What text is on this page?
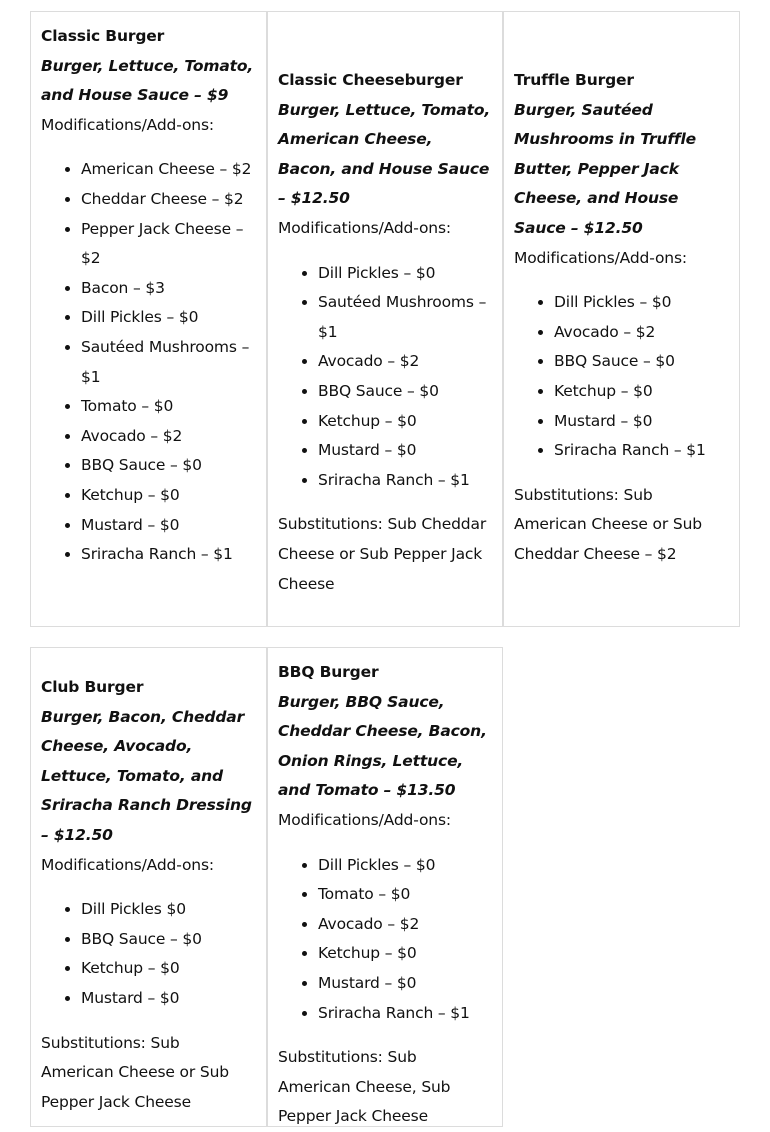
Classic Burger

Burger, Lettuce, Tomato, and House Sauce – $9

Modifications/Add-ons:

• American Cheese – $2
• Cheddar Cheese – $2
• Pepper Jack Cheese – $2
• Bacon – $3
• Dill Pickles – $0
• Sautéed Mushrooms – $1
• Tomato – $0
• Avocado – $2
• BBQ Sauce – $0
• Ketchup – $0
• Mustard – $0
• Sriracha Ranch – $1

Classic Cheeseburger

Burger, Lettuce, Tomato, American Cheese, Bacon, and House Sauce – $12.50

Modifications/Add-ons:

• Dill Pickles – $0
• Sautéed Mushrooms – $1
• Avocado – $2
• BBQ Sauce – $0
• Ketchup – $0
• Mustard – $0
• Sriracha Ranch – $1

Substitutions: Sub Cheddar Cheese or Sub Pepper Jack Cheese

Truffle Burger

Burger, Sautéed Mushrooms in Truffle Butter, Pepper Jack Cheese, and House Sauce – $12.50

Modifications/Add-ons:

• Dill Pickles – $0
• Avocado – $2
• BBQ Sauce – $0
• Ketchup – $0
• Mustard – $0
• Sriracha Ranch – $1

Substitutions: Sub American Cheese or Sub Cheddar Cheese – $2

Club Burger

Burger, Bacon, Cheddar Cheese, Avocado, Lettuce, Tomato, and Sriracha Ranch Dressing – $12.50

Modifications/Add-ons:

• Dill Pickles $0
• BBQ Sauce – $0
• Ketchup – $0
• Mustard – $0

Substitutions: Sub American Cheese or Sub Pepper Jack Cheese

BBQ Burger

Burger, BBQ Sauce, Cheddar Cheese, Bacon, Onion Rings, Lettuce, and Tomato – $13.50

Modifications/Add-ons:

• Dill Pickles – $0
• Tomato – $0
• Avocado – $2
• Ketchup – $0
• Mustard – $0
• Sriracha Ranch – $1

Substitutions: Sub American Cheese, Sub Pepper Jack Cheese
